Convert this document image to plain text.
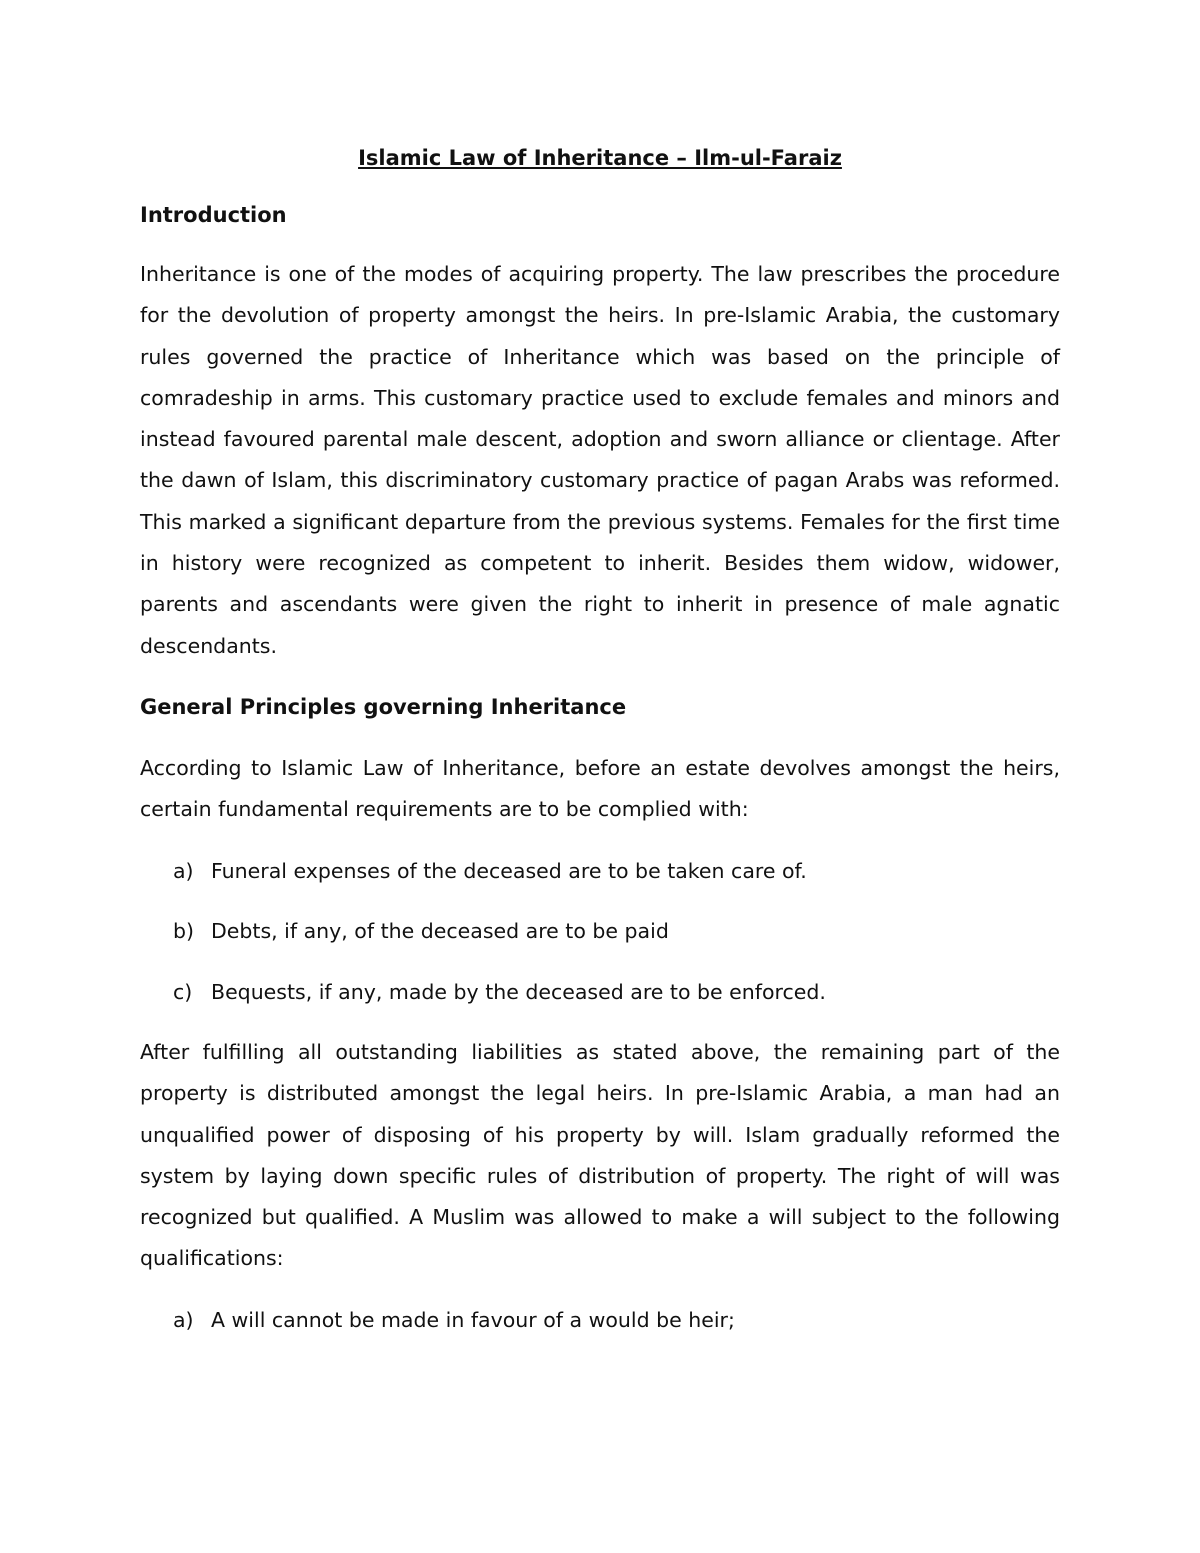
Islamic Law of Inheritance – Ilm-ul-Faraiz
Introduction

Inheritance is one of the modes of acquiring property. The law prescribes the procedure for the devolution of property amongst the heirs. In pre-Islamic Arabia, the customary rules governed the practice of Inheritance which was based on the principle of comradeship in arms. This customary practice used to exclude females and minors and instead favoured parental male descent, adoption and sworn alliance or clientage. After the dawn of Islam, this discriminatory customary practice of pagan Arabs was reformed. This marked a significant departure from the previous systems. Females for the first time in history were recognized as competent to inherit. Besides them widow, widower, parents and ascendants were given the right to inherit in presence of male agnatic descendants.

General Principles governing Inheritance

According to Islamic Law of Inheritance, before an estate devolves amongst the heirs, certain fundamental requirements are to be complied with:

a) Funeral expenses of the deceased are to be taken care of.
b) Debts, if any, of the deceased are to be paid
c) Bequests, if any, made by the deceased are to be enforced.

After fulfilling all outstanding liabilities as stated above, the remaining part of the property is distributed amongst the legal heirs. In pre-Islamic Arabia, a man had an unqualified power of disposing of his property by will. Islam gradually reformed the system by laying down specific rules of distribution of property. The right of will was recognized but qualified. A Muslim was allowed to make a will subject to the following qualifications:

a) A will cannot be made in favour of a would be heir;
